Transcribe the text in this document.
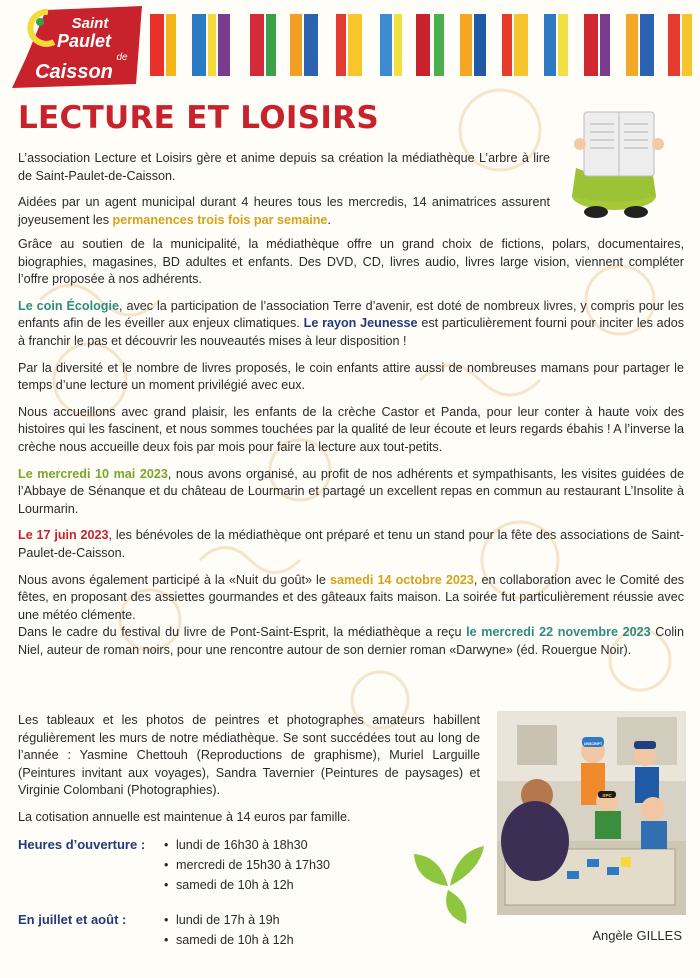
Saint
Paulet
de
Caisson
LECTURE ET LOISIRS

L’association Lecture et Loisirs gère et anime depuis sa création la médiathèque L’arbre à lire de Saint-Paulet-de-Caisson.

Aidées par un agent municipal durant 4 heures tous les mercredis, 14 animatrices assurent joyeusement les permanences trois fois par semaine.

Grâce au soutien de la municipalité, la médiathèque offre un grand choix de fictions, polars, documentaires, biographies, magasines, BD adultes et enfants. Des DVD, CD, livres audio, livres large vision, viennent compléter l’offre proposée à nos adhérents.

Le coin Écologie, avec la participation de l’association Terre d’avenir, est doté de nombreux livres, y compris pour les enfants afin de les éveiller aux enjeux climatiques. Le rayon Jeunesse est particulièrement fourni pour inciter les ados à franchir le pas et découvrir les nouveautés mises à leur disposition !

Par la diversité et le nombre de livres proposés, le coin enfants attire aussi de nombreuses mamans pour partager le temps d’une lecture un moment privilégié avec eux.

Nous accueillons avec grand plaisir, les enfants de la crèche Castor et Panda, pour leur conter à haute voix des histoires qui les fascinent, et nous sommes touchées par la qualité de leur écoute et leurs regards ébahis ! A l’inverse la crèche nous accueille deux fois par mois pour faire la lecture aux tout-petits.

Le mercredi 10 mai 2023, nous avons organisé, au profit de nos adhérents et sympathisants, les visites guidées de l’Abbaye de Sénanque et du château de Lourmarin et partagé un excellent repas en commun au restaurant L’Insolite à Lourmarin.

Le 17 juin 2023, les bénévoles de la médiathèque ont préparé et tenu un stand pour la fête des associations de Saint-Paulet-de-Caisson.

Nous avons également participé à la «Nuit du goût» le samedi 14 octobre 2023, en collaboration avec le Comité des fêtes, en proposant des assiettes gourmandes et des gâteaux faits maison. La soirée fut particulièrement réussie avec une météo clémente.
Dans le cadre du festival du livre de Pont-Saint-Esprit, la médiathèque a reçu le mercredi 22 novembre 2023 Colin Niel, auteur de roman noirs, pour une rencontre autour de son dernier roman «Darwyne» (éd. Rouergue Noir).

Les tableaux et les photos de peintres et photographes amateurs habillent régulièrement les murs de notre médiathèque. Se sont succédées tout au long de l’année : Yasmine Chettouh (Reproductions de graphisme), Muriel Larguille (Peintures invitant aux voyages), Sandra Tavernier (Peintures de paysages) et Virginie Colombani (Photographies).

La cotisation annuelle est maintenue à 14 euros par famille.

Heures d’ouverture :	• lundi de 16h30 à 18h30
• mercredi de 15h30 à 17h30
• samedi de 10h à 12h
En juillet et août :	• lundi de 17h à 19h
• samedi de 10h à 12h
UNSCRIPT
SPC
Angèle GILLES
